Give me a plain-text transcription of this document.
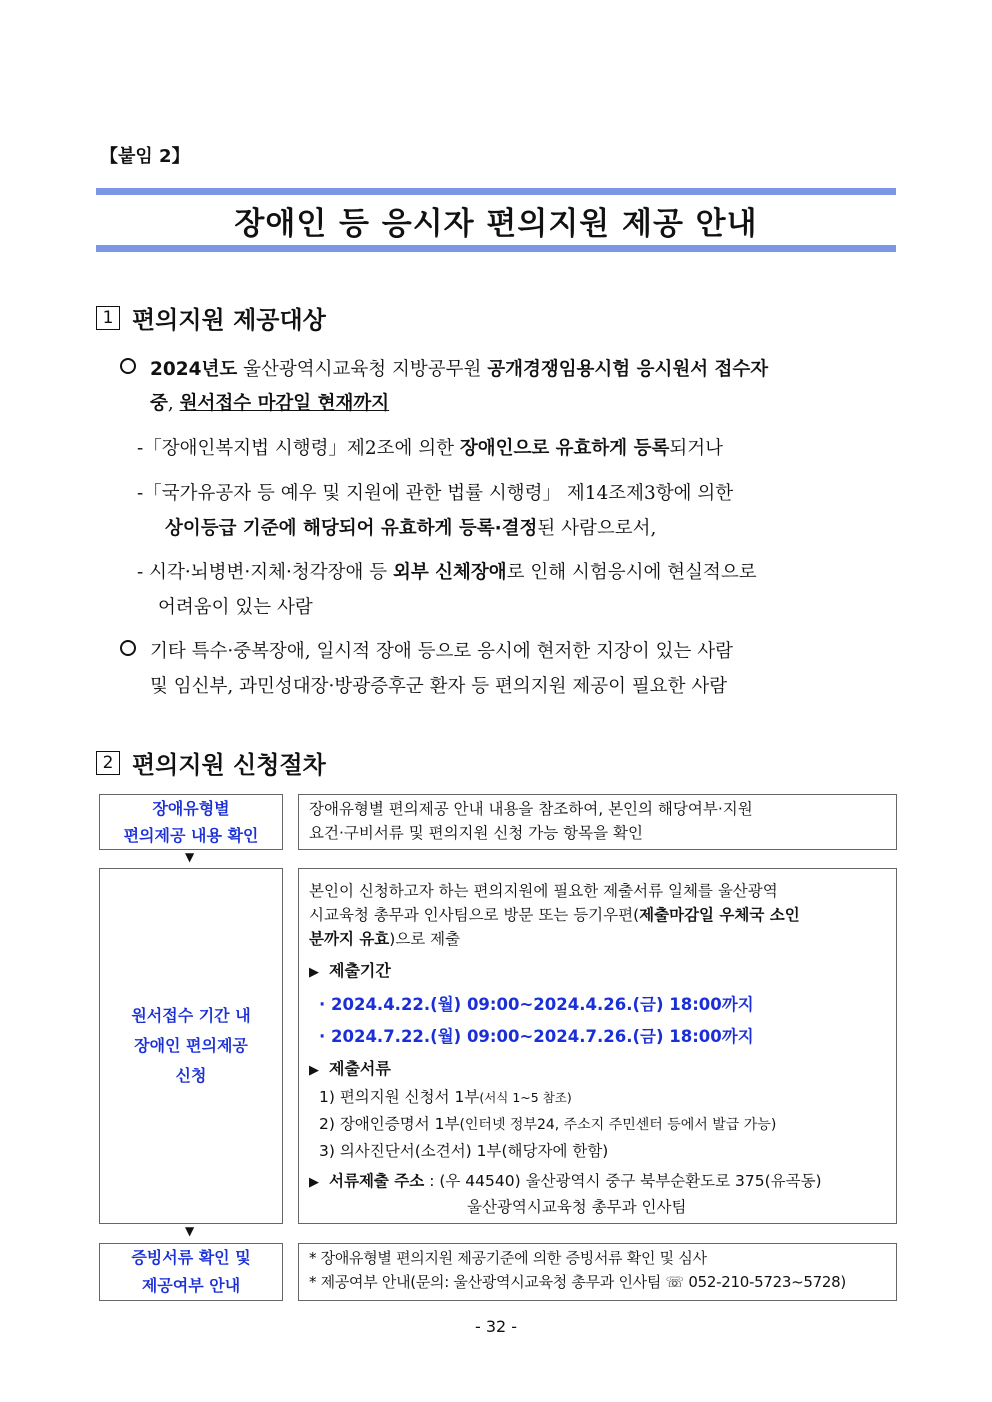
【붙임 2】
장애인 등 응시자 편의지원 제공 안내
1 편의지원 제공대상
2024년도 울산광역시교육청 지방공무원 공개경쟁임용시험 응시원서 접수자
중, 원서접수 마감일 현재까지
-「장애인복지법 시행령」제2조에 의한 장애인으로 유효하게 등록되거나
-「국가유공자 등 예우 및 지원에 관한 법률 시행령」 제14조제3항에 의한
상이등급 기준에 해당되어 유효하게 등록·결정된 사람으로서,
- 시각·뇌병변·지체·청각장애 등 외부 신체장애로 인해 시험응시에 현실적으로
어려움이 있는 사람
기타 특수·중복장애, 일시적 장애 등으로 응시에 현저한 지장이 있는 사람
및 임신부, 과민성대장·방광증후군 환자 등 편의지원 제공이 필요한 사람
2 편의지원 신청절차
장애유형별
편의제공 내용 확인
장애유형별 편의제공 안내 내용을 참조하여, 본인의 해당여부·지원
요건·구비서류 및 편의지원 신청 가능 항목을 확인
▼
원서접수 기간 내
장애인 편의제공
신청
본인이 신청하고자 하는 편의지원에 필요한 제출서류 일체를 울산광역
시교육청 총무과 인사팀으로 방문 또는 등기우편(제출마감일 우체국 소인
분까지 유효)으로 제출
▶ 제출기간
· 2024.4.22.(월) 09:00~2024.4.26.(금) 18:00까지
· 2024.7.22.(월) 09:00~2024.7.26.(금) 18:00까지
▶ 제출서류
1) 편의지원 신청서 1부(서식 1~5 참조)
2) 장애인증명서 1부(인터넷 정부24, 주소지 주민센터 등에서 발급 가능)
3) 의사진단서(소견서) 1부(해당자에 한함)
▶ 서류제출 주소 : (우 44540) 울산광역시 중구 북부순환도로 375(유곡동)
울산광역시교육청 총무과 인사팀
▼
증빙서류 확인 및
제공여부 안내
* 장애유형별 편의지원 제공기준에 의한 증빙서류 확인 및 심사
* 제공여부 안내(문의: 울산광역시교육청 총무과 인사팀 ☏ 052-210-5723~5728)
- 32 -
